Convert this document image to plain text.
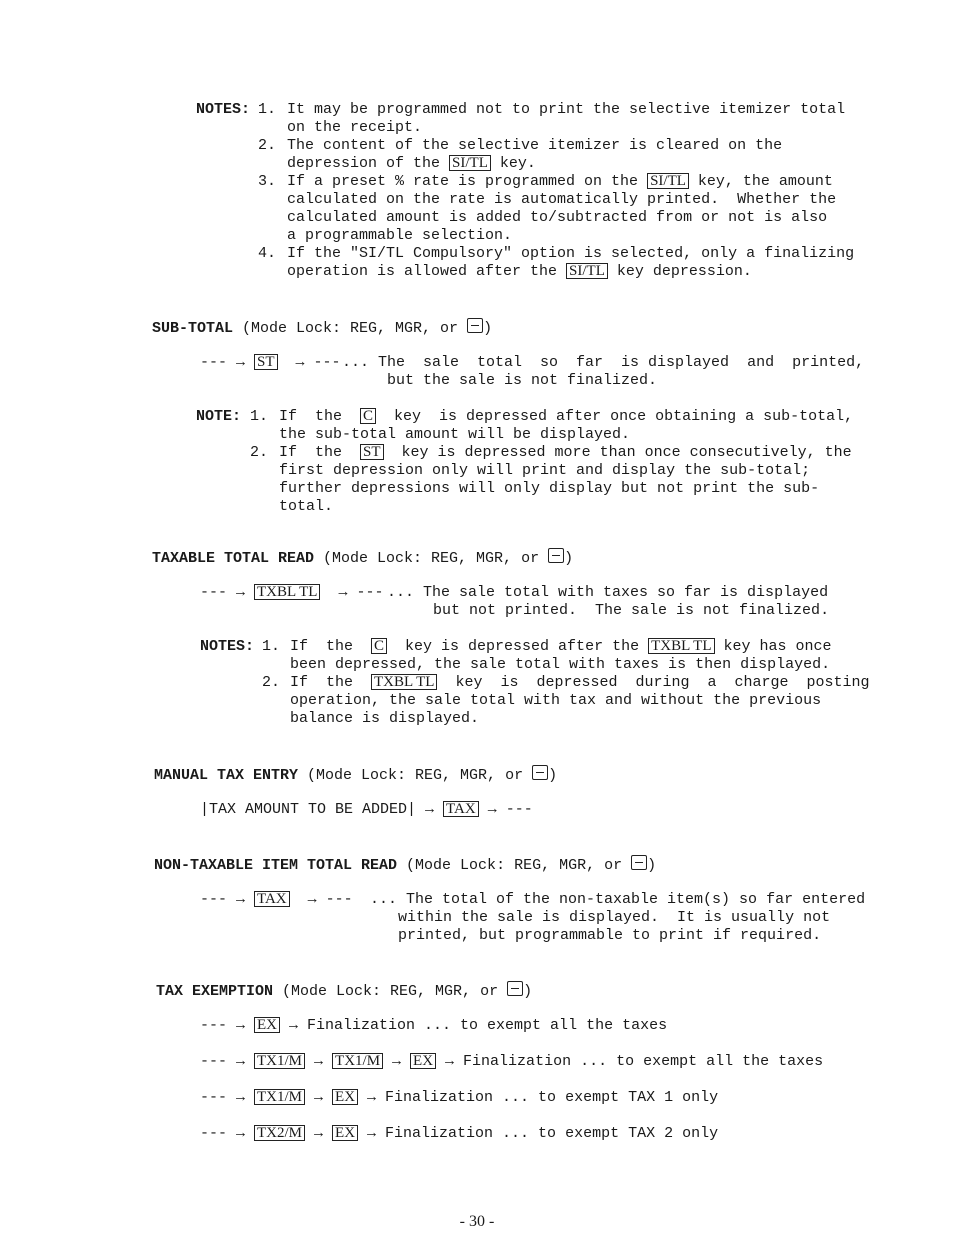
NOTES: 1. It may be programmed not to print the selective itemizer total
on the receipt.
2. The content of the selective itemizer is cleared on the
depression of the SI/TL key.
3. If a preset % rate is programmed on the SI/TL key, the amount
calculated on the rate is automatically printed.  Whether the
calculated amount is added to/subtracted from or not is also
a programmable selection.
4. If the "SI/TL Compulsory" option is selected, only a finalizing
operation is allowed after the SI/TL key depression.
SUB-TOTAL (Mode Lock: REG, MGR, or )
--- → ST  → --- ... The  sale  total  so  far  is displayed  and  printed,
but the sale is not finalized.
NOTE: 1. If  the  C  key  is depressed after once obtaining a sub-total,
the sub-total amount will be displayed.
2. If  the  ST  key is depressed more than once consecutively, the
first depression only will print and display the sub-total;
further depressions will only display but not print the sub-
total.
TAXABLE TOTAL READ (Mode Lock: REG, MGR, or )
--- → TXBL TL  → --- ... The sale total with taxes so far is displayed
but not printed.  The sale is not finalized.
NOTES: 1. If  the  C  key is depressed after the TXBL TL key has once
been depressed, the sale total with taxes is then displayed.
2. If  the  TXBL TL  key  is  depressed  during  a  charge  posting
operation, the sale total with tax and without the previous
balance is displayed.
MANUAL TAX ENTRY (Mode Lock: REG, MGR, or )
|TAX AMOUNT TO BE ADDED| → TAX → ---
NON-TAXABLE ITEM TOTAL READ (Mode Lock: REG, MGR, or )
--- → TAX  → --- ... The total of the non-taxable item(s) so far entered
within the sale is displayed.  It is usually not
printed, but programmable to print if required.
TAX EXEMPTION (Mode Lock: REG, MGR, or )
--- → EX → Finalization ... to exempt all the taxes
--- → TX1/M → TX1/M → EX → Finalization ... to exempt all the taxes
--- → TX1/M → EX → Finalization ... to exempt TAX 1 only
--- → TX2/M → EX → Finalization ... to exempt TAX 2 only
- 30 -
